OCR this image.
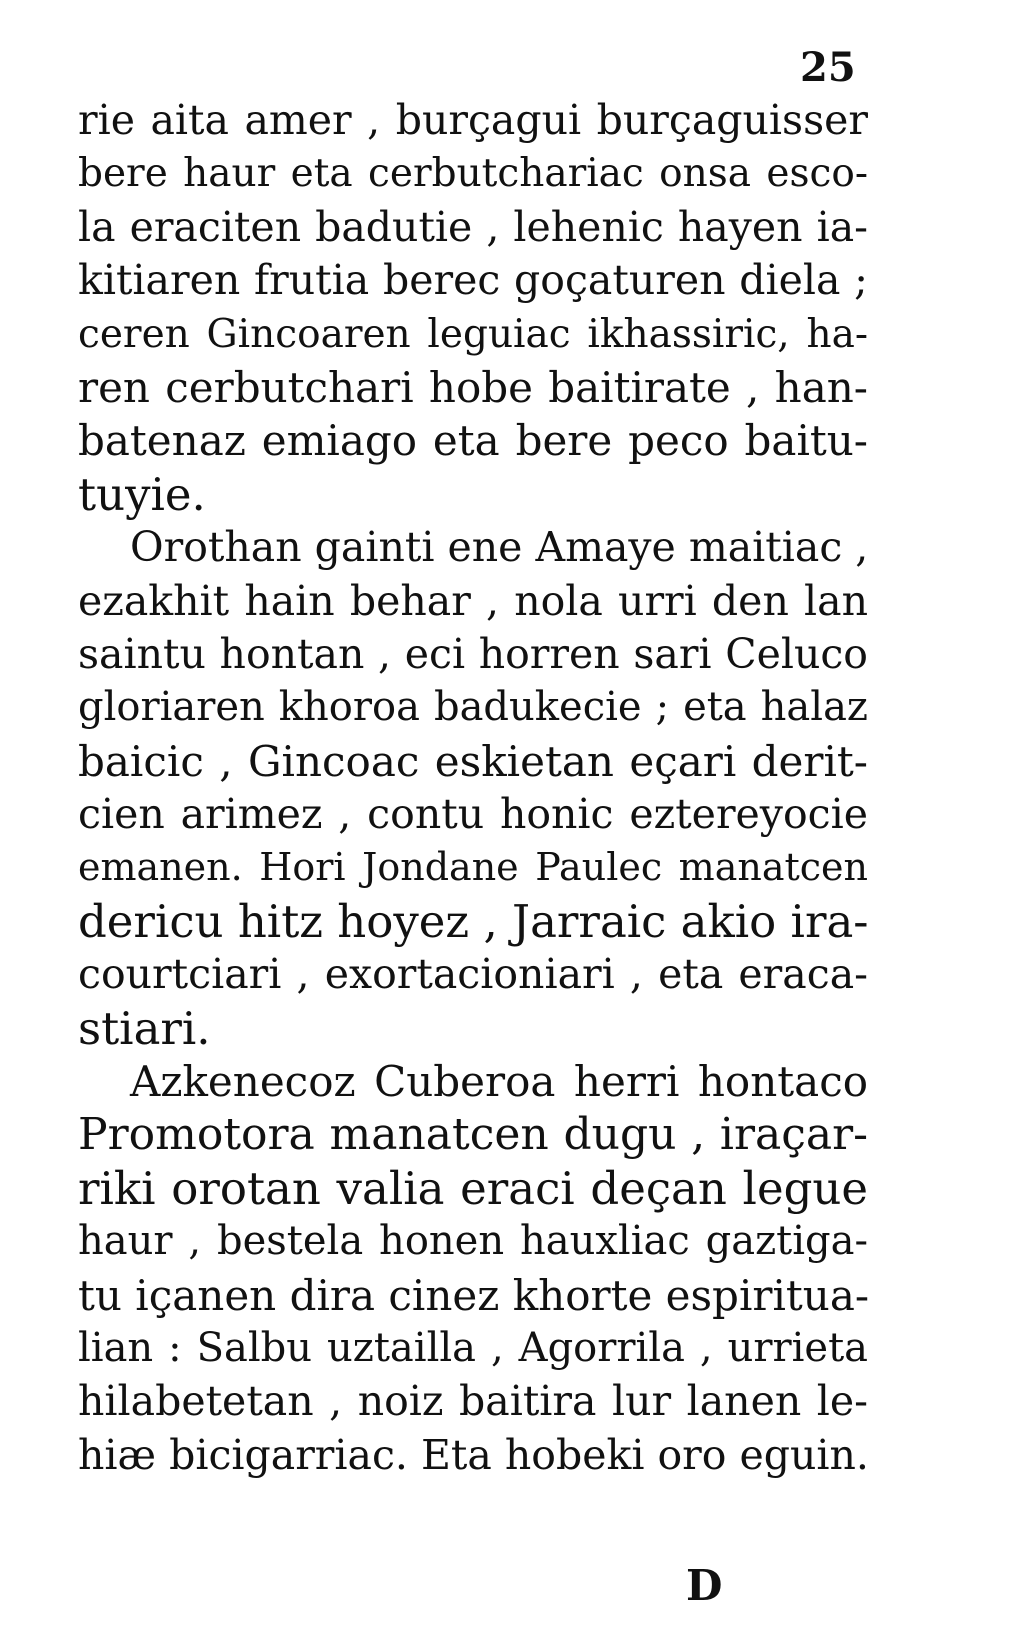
25
rie aita amer , burçagui burçaguisser
bere haur eta cerbutchariac onsa esco-
la eraciten badutie , lehenic hayen ia-
kitiaren frutia berec goçaturen diela ;
ceren Gincoaren leguiac ikhassiric, ha-
ren cerbutchari hobe baitirate , han-
batenaz emiago eta bere peco baitu-
tuyie.
Orothan gainti ene Amaye maitiac ,
ezakhit hain behar , nola urri den lan
saintu hontan , eci horren sari Celuco
gloriaren khoroa badukecie ; eta halaz
baicic , Gincoac eskietan eçari derit-
cien arimez , contu honic eztereyocie
emanen. Hori Jondane Paulec manatcen
dericu hitz hoyez , Jarraic akio ira-
courtciari , exortacioniari , eta eraca-
stiari.
Azkenecoz Cuberoa herri hontaco
Promotora manatcen dugu , iraçar-
riki orotan valia eraci deçan legue
haur , bestela honen hauxliac gaztiga-
tu içanen dira cinez khorte espiritua-
lian : Salbu uztailla , Agorrila , urrieta
hilabetetan , noiz baitira lur lanen le-
hiæ bicigarriac. Eta hobeki oro eguin.
D
